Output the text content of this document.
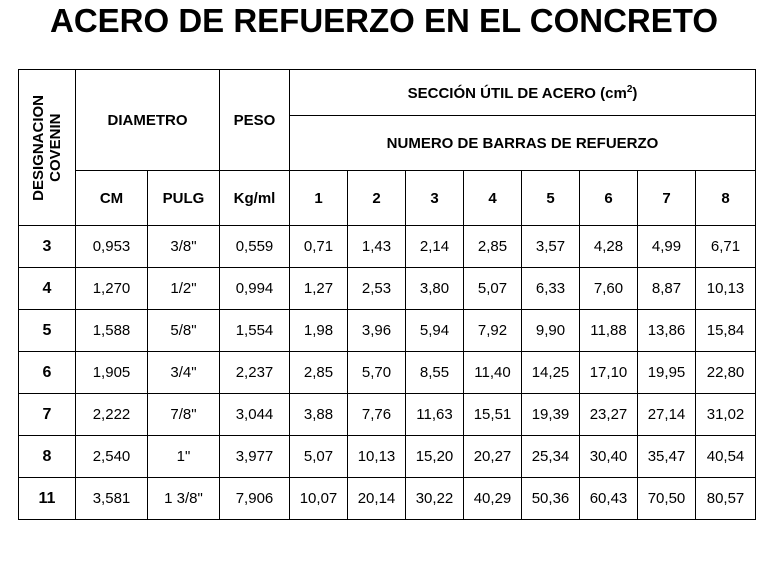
ACERO DE REFUERZO EN EL CONCRETO
DESIGNACION
COVENIN	DIAMETRO		PESO	SECCIÓN ÚTIL DE ACERO $(cm^2)$							
				NUMERO DE BARRAS DE REFUERZO							
	CM	PULG	Kg/ml	1	2	3	4	5	6	7	8
3	0,953	3/8"	0,559	0,71	1,43	2,14	2,85	3,57	4,28	4,99	6,71
4	1,270	1/2"	0,994	1,27	2,53	3,80	5,07	6,33	7,60	8,87	10,13
5	1,588	5/8"	1,554	1,98	3,96	5,94	7,92	9,90	11,88	13,86	15,84
6	1,905	3/4"	2,237	2,85	5,70	8,55	11,40	14,25	17,10	19,95	22,80
7	2,222	7/8"	3,044	3,88	7,76	11,63	15,51	19,39	23,27	27,14	31,02
8	2,540	1"	3,977	5,07	10,13	15,20	20,27	25,34	30,40	35,47	40,54
11	3,581	1 3/8"	7,906	10,07	20,14	30,22	40,29	50,36	60,43	70,50	80,57
